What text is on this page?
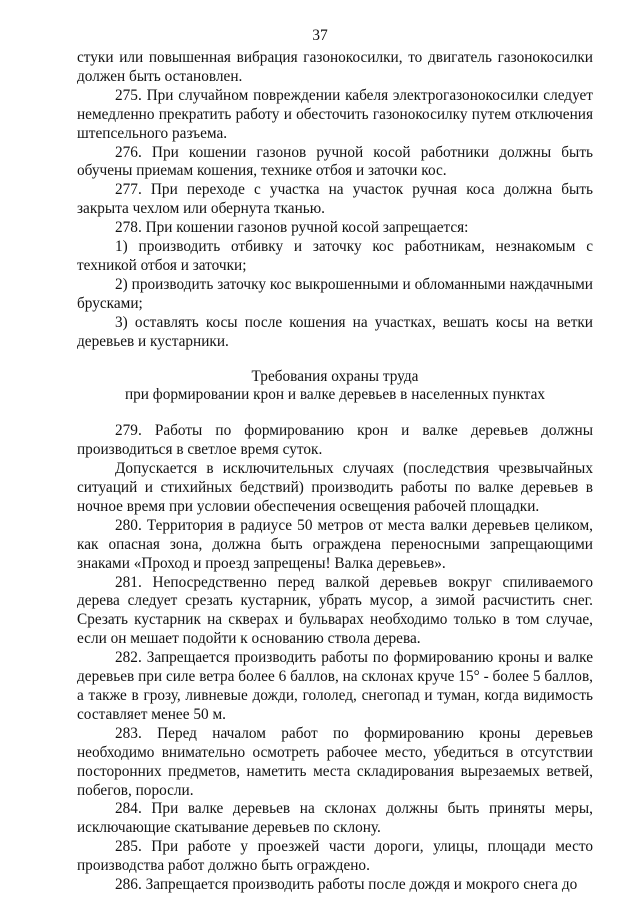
37

стуки или повышенная вибрация газонокосилки, то двигатель газонокосилки должен быть остановлен.

275. При случайном повреждении кабеля электрогазонокосилки следует немедленно прекратить работу и обесточить газонокосилку путем отключения штепсельного разъема.

276. При кошении газонов ручной косой работники должны быть обучены приемам кошения, технике отбоя и заточки кос.

277. При переходе с участка на участок ручная коса должна быть закрыта чехлом или обернута тканью.

278. При кошении газонов ручной косой запрещается:

1) производить отбивку и заточку кос работникам, незнакомым с техникой отбоя и заточки;

2) производить заточку кос выкрошенными и обломанными наждачными брусками;

3) оставлять косы после кошения на участках, вешать косы на ветки деревьев и кустарники.

Требования охраны труда
при формировании крон и валке деревьев в населенных пунктах

279. Работы по формированию крон и валке деревьев должны производиться в светлое время суток.

Допускается в исключительных случаях (последствия чрезвычайных ситуаций и стихийных бедствий) производить работы по валке деревьев в ночное время при условии обеспечения освещения рабочей площадки.

280. Территория в радиусе 50 метров от места валки деревьев целиком, как опасная зона, должна быть ограждена переносными запрещающими знаками «Проход и проезд запрещены! Валка деревьев».

281. Непосредственно перед валкой деревьев вокруг спиливаемого дерева следует срезать кустарник, убрать мусор, а зимой расчистить снег. Срезать кустарник на скверах и бульварах необходимо только в том случае, если он мешает подойти к основанию ствола дерева.

282. Запрещается производить работы по формированию кроны и валке деревьев при силе ветра более 6 баллов, на склонах круче 15° - более 5 баллов, а также в грозу, ливневые дожди, гололед, снегопад и туман, когда видимость составляет менее 50 м.

283. Перед началом работ по формированию кроны деревьев необходимо внимательно осмотреть рабочее место, убедиться в отсутствии посторонних предметов, наметить места складирования вырезаемых ветвей, побегов, поросли.

284. При валке деревьев на склонах должны быть приняты меры, исключающие скатывание деревьев по склону.

285. При работе у проезжей части дороги, улицы, площади место производства работ должно быть ограждено.

286. Запрещается производить работы после дождя и мокрого снега до
